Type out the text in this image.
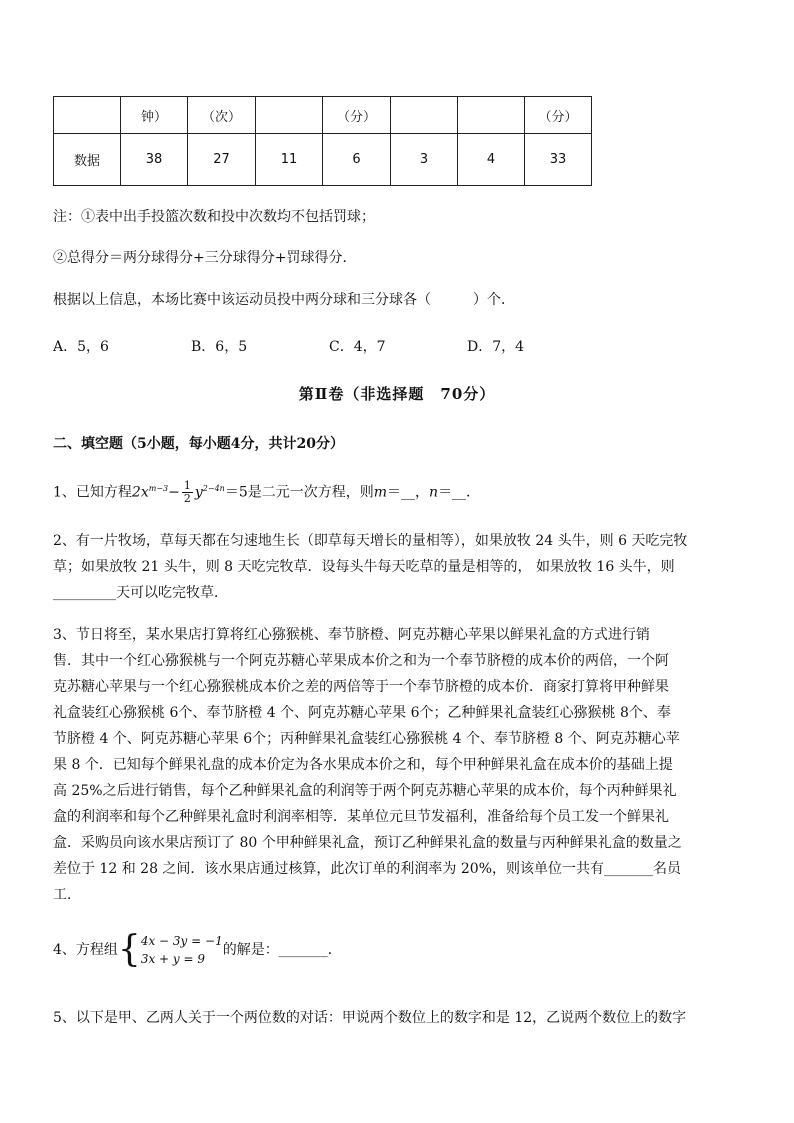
	钟）	（次）		（分）			（分）
数据	38	27	11	6	3	4	33
注：①表中出手投篮次数和投中次数均不包括罚球；
②总得分＝两分球得分+三分球得分+罚球得分．
根据以上信息，本场比赛中该运动员投中两分球和三分球各（　　　）个．
A．5，6	B．6，5	C．4，7	D．7，4
第Ⅱ卷（非选择题　70分）
二、填空题（5小题，每小题4分，共计20分）

1、已知方程$2x^{m-3}- \frac{1}{2} y^{2-4n}=5$是二元一次方程，则m＝__，n＝__．

2、有一片牧场，草每天都在匀速地生长（即草每天增长的量相等），如果放牧 24 头牛，则 6 天吃完牧

草；如果放牧 21 头牛，则 8 天吃完牧草．设每头牛每天吃草的量是相等的， 如果放牧 16 头牛，则

_________天可以吃完牧草．

3、节日将至，某水果店打算将红心猕猴桃、奉节脐橙、阿克苏糖心苹果以鲜果礼盒的方式进行销

售．其中一个红心猕猴桃与一个阿克苏糖心苹果成本价之和为一个奉节脐橙的成本价的两倍，一个阿

克苏糖心苹果与一个红心猕猴桃成本价之差的两倍等于一个奉节脐橙的成本价．商家打算将甲种鲜果

礼盒装红心猕猴桃 6个、奉节脐橙 4 个、阿克苏糖心苹果 6个；乙种鲜果礼盒装红心猕猴桃 8个、奉

节脐橙 4 个、阿克苏糖心苹果 6个；丙种鲜果礼盒装红心猕猴桃 4 个、奉节脐橙 8 个、阿克苏糖心苹

果 8 个．已知每个鲜果礼盘的成本价定为各水果成本价之和，每个甲种鲜果礼盒在成本价的基础上提

高 25%之后进行销售，每个乙种鲜果礼盒的利润等于两个阿克苏糖心苹果的成本价，每个丙种鲜果礼

盒的利润率和每个乙种鲜果礼盒时利润率相等．某单位元旦节发福利，准备给每个员工发一个鲜果礼

盒．采购员向该水果店预订了 80 个甲种鲜果礼盒，预订乙种鲜果礼盒的数量与丙种鲜果礼盒的数量之

差位于 12 和 28 之间．该水果店通过核算，此次订单的利润率为 20%，则该单位一共有_______名员

工．

4、方程组{ 4x − 3y = −1
3x + y = 9
的解是：_______．

5、以下是甲、乙两人关于一个两位数的对话：甲说两个数位上的数字和是 12，乙说两个数位上的数字
